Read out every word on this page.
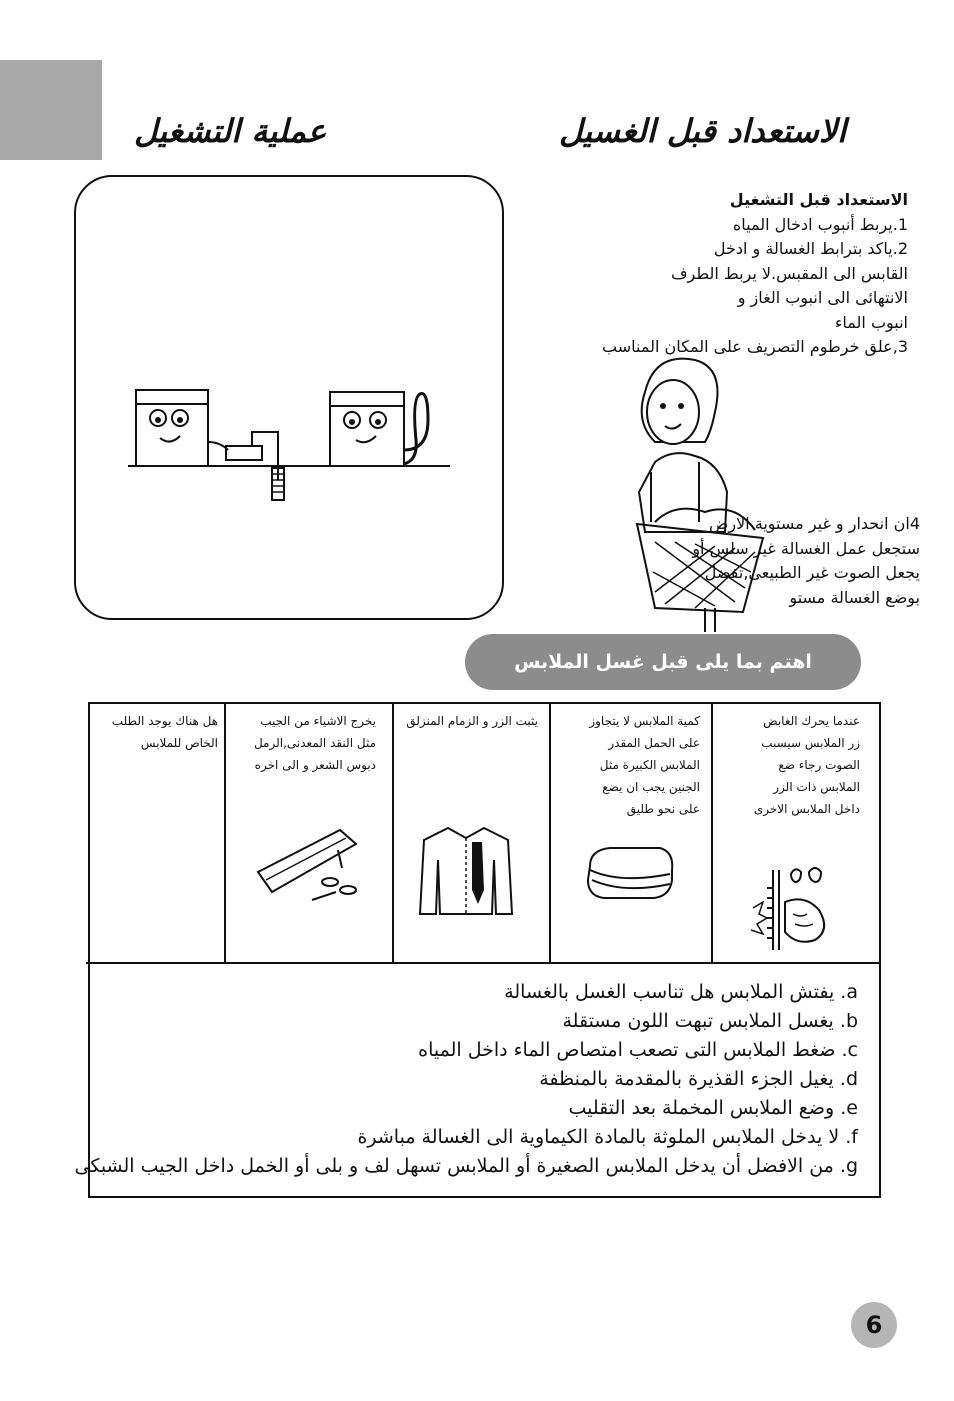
الاستعداد قبل الغسيل
عملية التشغيل
الاستعداد قبل التشغيل
1.يربط أنبوب ادخال المياه
2.ياكد بترابط الغسالة و ادخل
القابس الى المقبس.لا يربط الطرف
الانتهائى الى انبوب الغاز و
انبوب الماء
3,علق خرطوم التصريف على المكان المناسب
4ان انحدار و غير مستوية الارض
ستجعل عمل الغسالة غير سلس أو
يجعل الصوت غير الطبيعى,تفضل
بوضع الغسالة مستو
اهتم بما يلى قبل غسل الملابس
عندما يحرك الغابض
زر الملابس سيسبب
الصوت رجاء ضع
الملابس ذات الزر
داخل الملابس الاخرى
كمية الملابس لا يتجاوز
على الحمل المقدر
الملابس الكبيرة مثل
الجنين يجب ان يضع
على نحو طليق
يثبت الزر و الزمام المنزلق
يخرج الاشياء من الجيب
مثل النقد المعدنى,الرمل
دبوس الشعر و الى اخره
هل هناك يوجد الطلب
الخاص للملابس
a. يفتش الملابس هل تناسب الغسل بالغسالة
b. يغسل الملابس تبهت اللون مستقلة
c. ضغط الملابس التى تصعب امتصاص الماء داخل المياه
d. يغيل الجزء القذيرة بالمقدمة بالمنظفة
e. وضع الملابس المخملة بعد التقليب
f. لا يدخل الملابس الملوثة بالمادة الكيماوية الى الغسالة مباشرة
g. من الافضل أن يدخل الملابس الصغيرة أو الملابس تسهل لف و بلى أو الخمل داخل الجيب الشبكى
6
